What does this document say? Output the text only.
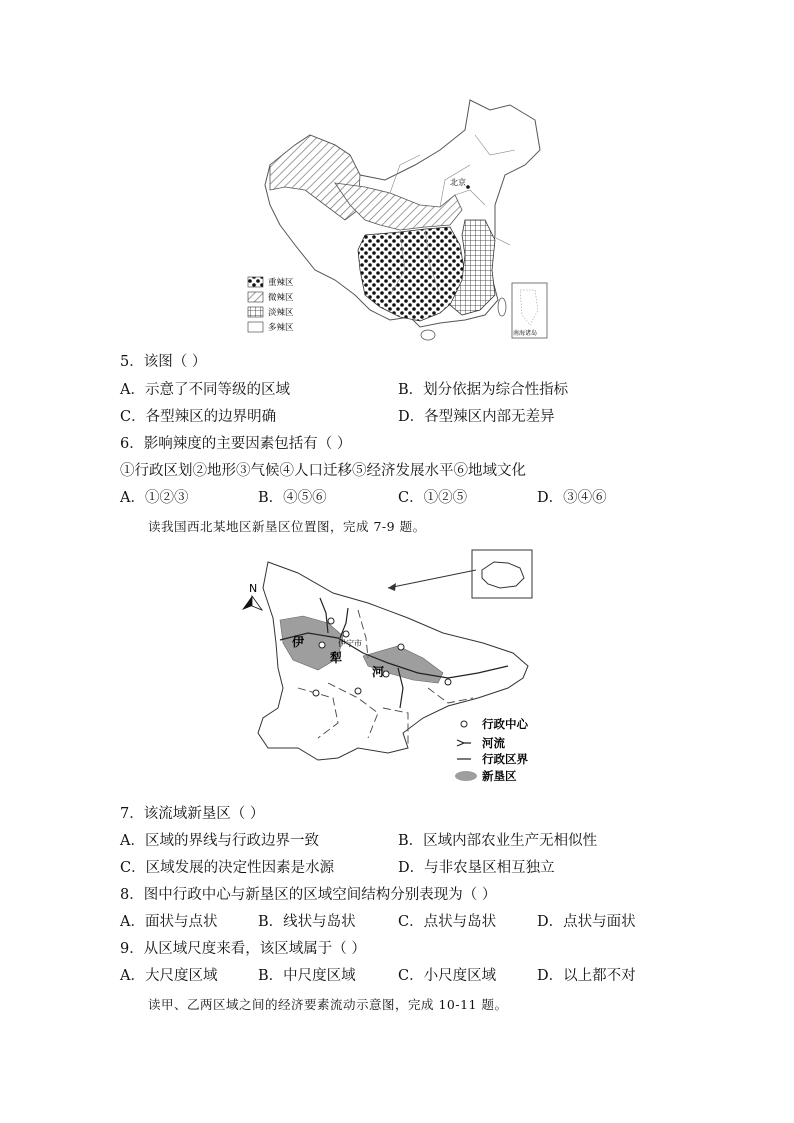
北京
南海诸岛
重辣区
微辣区
淡辣区
多辣区
5．该图（ ）
A．示意了不同等级的区域	B．划分依据为综合性指标
C．各型辣区的边界明确	D．各型辣区内部无差异
6．影响辣度的主要因素包括有（ ）
①行政区划②地形③气候④人口迁移⑤经济发展水平⑥地域文化
A．①②③	B．④⑤⑥	C．①②⑤	D．③④⑥
读我国西北某地区新垦区位置图，完成 7-9 题。
N
伊宁市
伊
犁
河
行政中心
河流
行政区界
新垦区
7．该流域新垦区（ ）
A．区域的界线与行政边界一致	B．区域内部农业生产无相似性
C．区域发展的决定性因素是水源	D．与非农垦区相互独立
8．图中行政中心与新垦区的区域空间结构分别表现为（ ）
A．面状与点状	B．线状与岛状	C．点状与岛状	D．点状与面状
9．从区域尺度来看，该区域属于（ ）
A．大尺度区域	B．中尺度区域	C．小尺度区域	D．以上都不对
读甲、乙两区域之间的经济要素流动示意图，完成 10-11 题。
